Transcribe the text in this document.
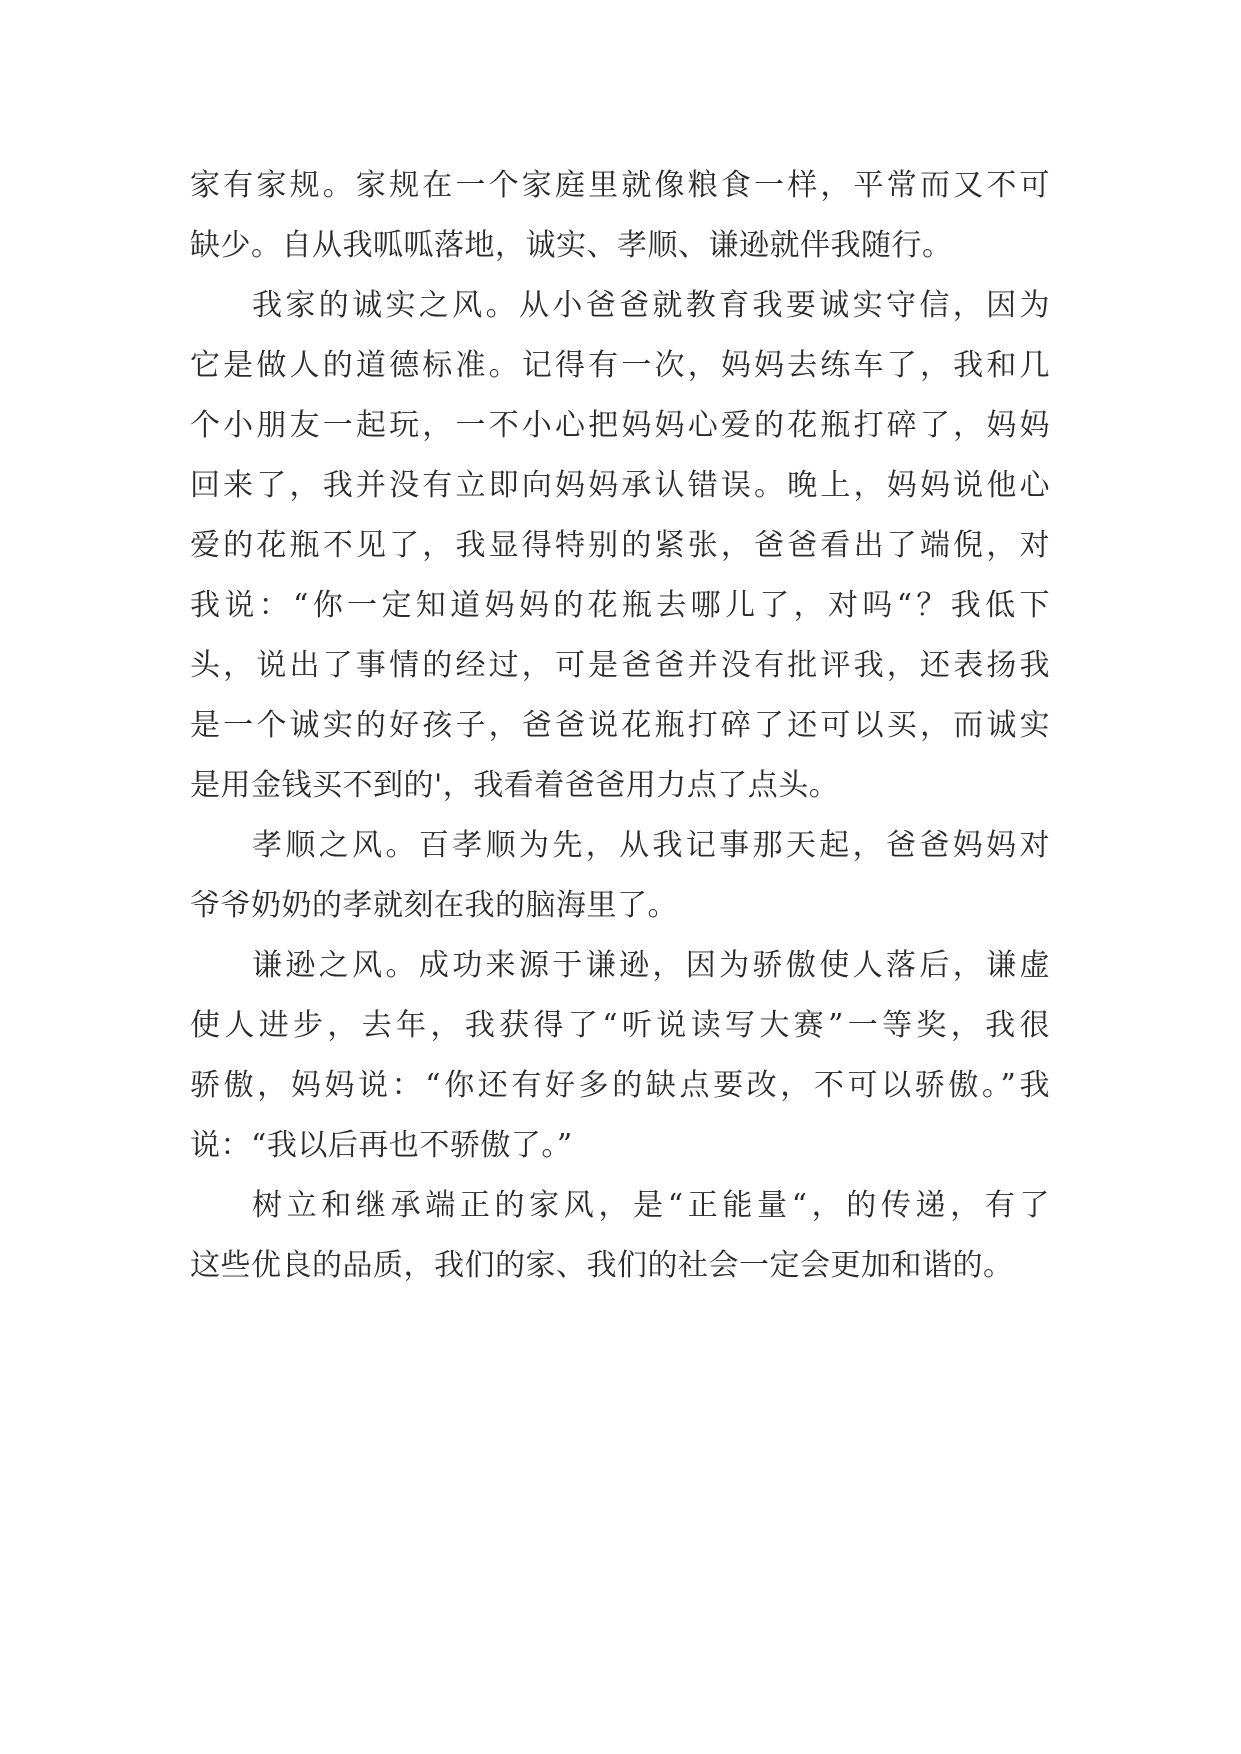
家有家规。家规在一个家庭里就像粮食一样，平常而又不可
缺少。自从我呱呱落地，诚实、孝顺、谦逊就伴我随行。
我家的诚实之风。从小爸爸就教育我要诚实守信，因为
它是做人的道德标准。记得有一次，妈妈去练车了，我和几
个小朋友一起玩，一不小心把妈妈心爱的花瓶打碎了，妈妈
回来了，我并没有立即向妈妈承认错误。晚上，妈妈说他心
爱的花瓶不见了，我显得特别的紧张，爸爸看出了端倪，对
我说：“你一定知道妈妈的花瓶去哪儿了，对吗“？我低下
头，说出了事情的经过，可是爸爸并没有批评我，还表扬我
是一个诚实的好孩子，爸爸说花瓶打碎了还可以买，而诚实
是用金钱买不到的'，我看着爸爸用力点了点头。
孝顺之风。百孝顺为先，从我记事那天起，爸爸妈妈对
爷爷奶奶的孝就刻在我的脑海里了。
谦逊之风。成功来源于谦逊，因为骄傲使人落后，谦虚
使人进步，去年，我获得了“听说读写大赛”一等奖，我很
骄傲，妈妈说：“你还有好多的缺点要改，不可以骄傲。”我
说：“我以后再也不骄傲了。”
树立和继承端正的家风，是“正能量“，的传递，有了
这些优良的品质，我们的家、我们的社会一定会更加和谐的。
